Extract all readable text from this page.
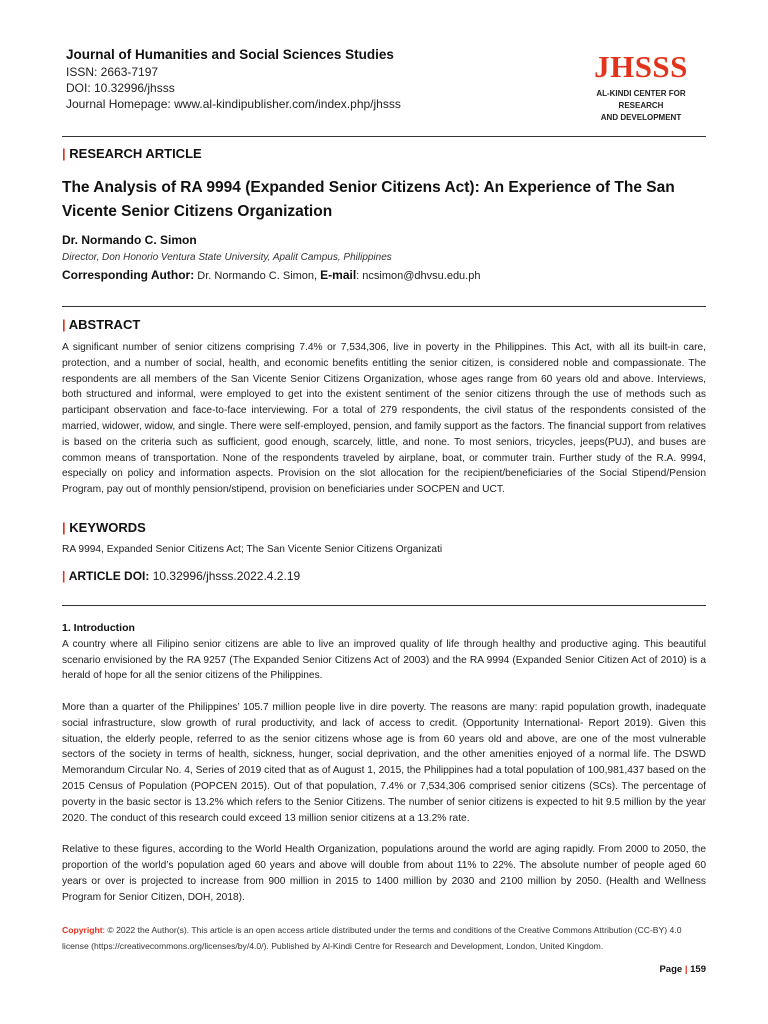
Journal of Humanities and Social Sciences Studies
ISSN: 2663-7197
DOI: 10.32996/jhsss
Journal Homepage: www.al-kindipublisher.com/index.php/jhsss
JHSSS
AL-KINDI CENTER FOR RESEARCH
AND DEVELOPMENT
| RESEARCH ARTICLE
The Analysis of RA 9994 (Expanded Senior Citizens Act): An Experience of The San Vicente Senior Citizens Organization
Dr. Normando C. Simon
Director, Don Honorio Ventura State University, Apalit Campus, Philippines
Corresponding Author: Dr. Normando C. Simon, E-mail: ncsimon@dhvsu.edu.ph
| ABSTRACT
A significant number of senior citizens comprising 7.4% or 7,534,306, live in poverty in the Philippines. This Act, with all its built-in care, protection, and a number of social, health, and economic benefits entitling the senior citizen, is considered noble and compassionate. The respondents are all members of the San Vicente Senior Citizens Organization, whose ages range from 60 years old and above. Interviews, both structured and informal, were employed to get into the existent sentiment of the senior citizens through the use of methods such as participant observation and face-to-face interviewing. For a total of 279 respondents, the civil status of the respondents consisted of the married, widower, widow, and single. There were self-employed, pension, and family support as the factors. The financial support from relatives is based on the criteria such as sufficient, good enough, scarcely, little, and none. To most seniors, tricycles, jeeps(PUJ), and buses are common means of transportation. None of the respondents traveled by airplane, boat, or commuter train. Further study of the R.A. 9994, especially on policy and information aspects. Provision on the slot allocation for the recipient/beneficiaries of the Social Stipend/Pension Program, pay out of monthly pension/stipend, provision on beneficiaries under SOCPEN and UCT.
| KEYWORDS
RA 9994, Expanded Senior Citizens Act; The San Vicente Senior Citizens Organizati
| ARTICLE DOI: 10.32996/jhsss.2022.4.2.19
1. Introduction

A country where all Filipino senior citizens are able to live an improved quality of life through healthy and productive aging. This beautiful scenario envisioned by the RA 9257 (The Expanded Senior Citizens Act of 2003) and the RA 9994 (Expanded Senior Citizen Act of 2010) is a herald of hope for all the senior citizens of the Philippines.

More than a quarter of the Philippines’ 105.7 million people live in dire poverty. The reasons are many: rapid population growth, inadequate social infrastructure, slow growth of rural productivity, and lack of access to credit. (Opportunity International- Report 2019). Given this situation, the elderly people, referred to as the senior citizens whose age is from 60 years old and above, are one of the most vulnerable sectors of the society in terms of health, sickness, hunger, social deprivation, and the other amenities enjoyed of a normal life. The DSWD Memorandum Circular No. 4, Series of 2019 cited that as of August 1, 2015, the Philippines had a total population of 100,981,437 based on the 2015 Census of Population (POPCEN 2015). Out of that population, 7.4% or 7,534,306 comprised senior citizens (SCs). The percentage of poverty in the basic sector is 13.2% which refers to the Senior Citizens. The number of senior citizens is expected to hit 9.5 million by the year 2020. The conduct of this research could exceed 13 million senior citizens at a 13.2% rate.

Relative to these figures, according to the World Health Organization, populations around the world are aging rapidly. From 2000 to 2050, the proportion of the world’s population aged 60 years and above will double from about 11% to 22%. The absolute number of people aged 60 years or over is projected to increase from 900 million in 2015 to 1400 million by 2030 and 2100 million by 2050. (Health and Wellness Program for Senior Citizen, DOH, 2018).

Copyright: © 2022 the Author(s). This article is an open access article distributed under the terms and conditions of the Creative Commons Attribution (CC-BY) 4.0 license (https://creativecommons.org/licenses/by/4.0/). Published by Al-Kindi Centre for Research and Development, London, United Kingdom.
Page | 159
